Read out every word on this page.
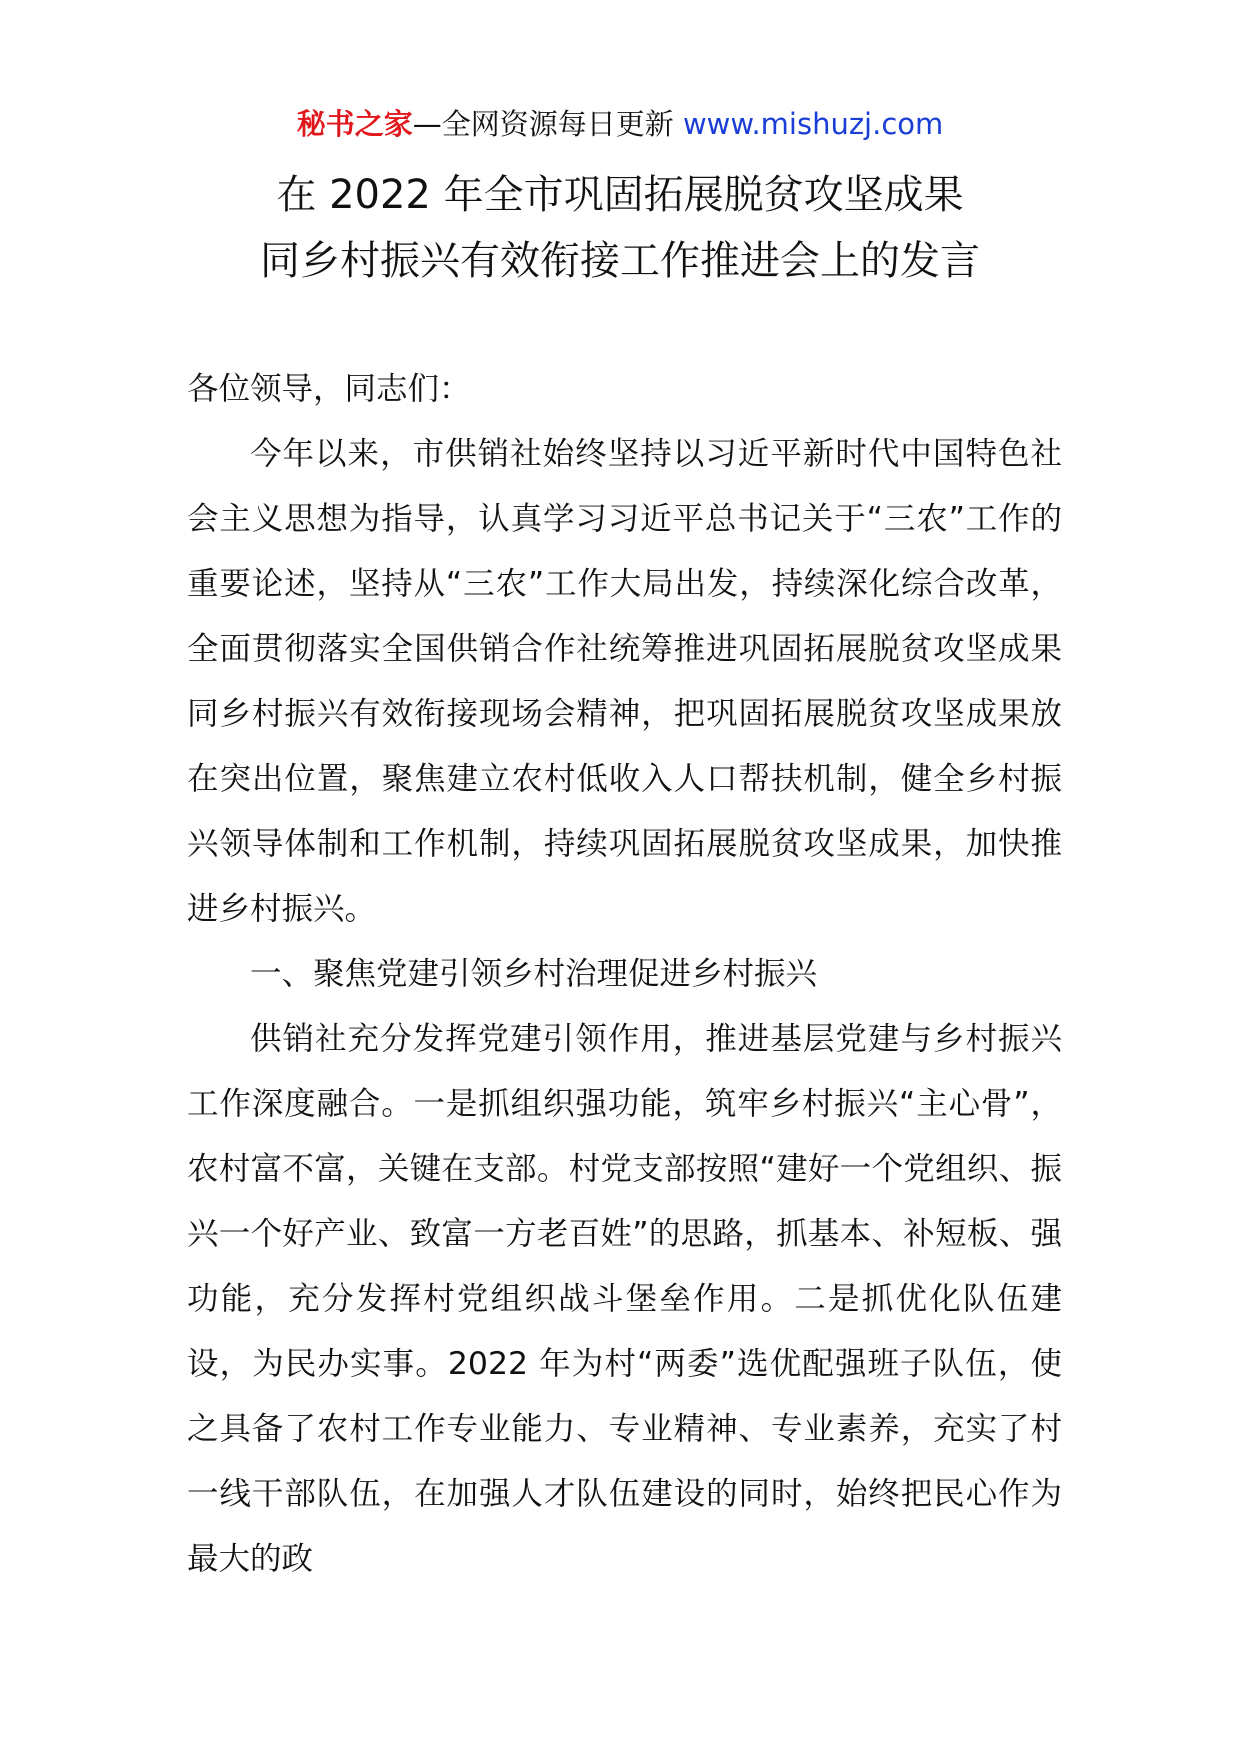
秘书之家—全网资源每日更新 www.mishuzj.com
在 2022 年全市巩固拓展脱贫攻坚成果
同乡村振兴有效衔接工作推进会上的发言

各位领导，同志们：

今年以来，市供销社始终坚持以习近平新时代中国特色社会主义思想为指导，认真学习习近平总书记关于“三农”工作的重要论述，坚持从“三农”工作大局出发，持续深化综合改革，全面贯彻落实全国供销合作社统筹推进巩固拓展脱贫攻坚成果同乡村振兴有效衔接现场会精神，把巩固拓展脱贫攻坚成果放在突出位置，聚焦建立农村低收入人口帮扶机制，健全乡村振兴领导体制和工作机制，持续巩固拓展脱贫攻坚成果，加快推进乡村振兴。

一、聚焦党建引领乡村治理促进乡村振兴

供销社充分发挥党建引领作用，推进基层党建与乡村振兴工作深度融合。一是抓组织强功能，筑牢乡村振兴“主心骨”，农村富不富，关键在支部。村党支部按照“建好一个党组织、振兴一个好产业、致富一方老百姓”的思路，抓基本、补短板、强功能，充分发挥村党组织战斗堡垒作用。二是抓优化队伍建设，为民办实事。2022 年为村“两委”选优配强班子队伍，使之具备了农村工作专业能力、专业精神、专业素养，充实了村一线干部队伍，在加强人才队伍建设的同时，始终把民心作为最大的政
